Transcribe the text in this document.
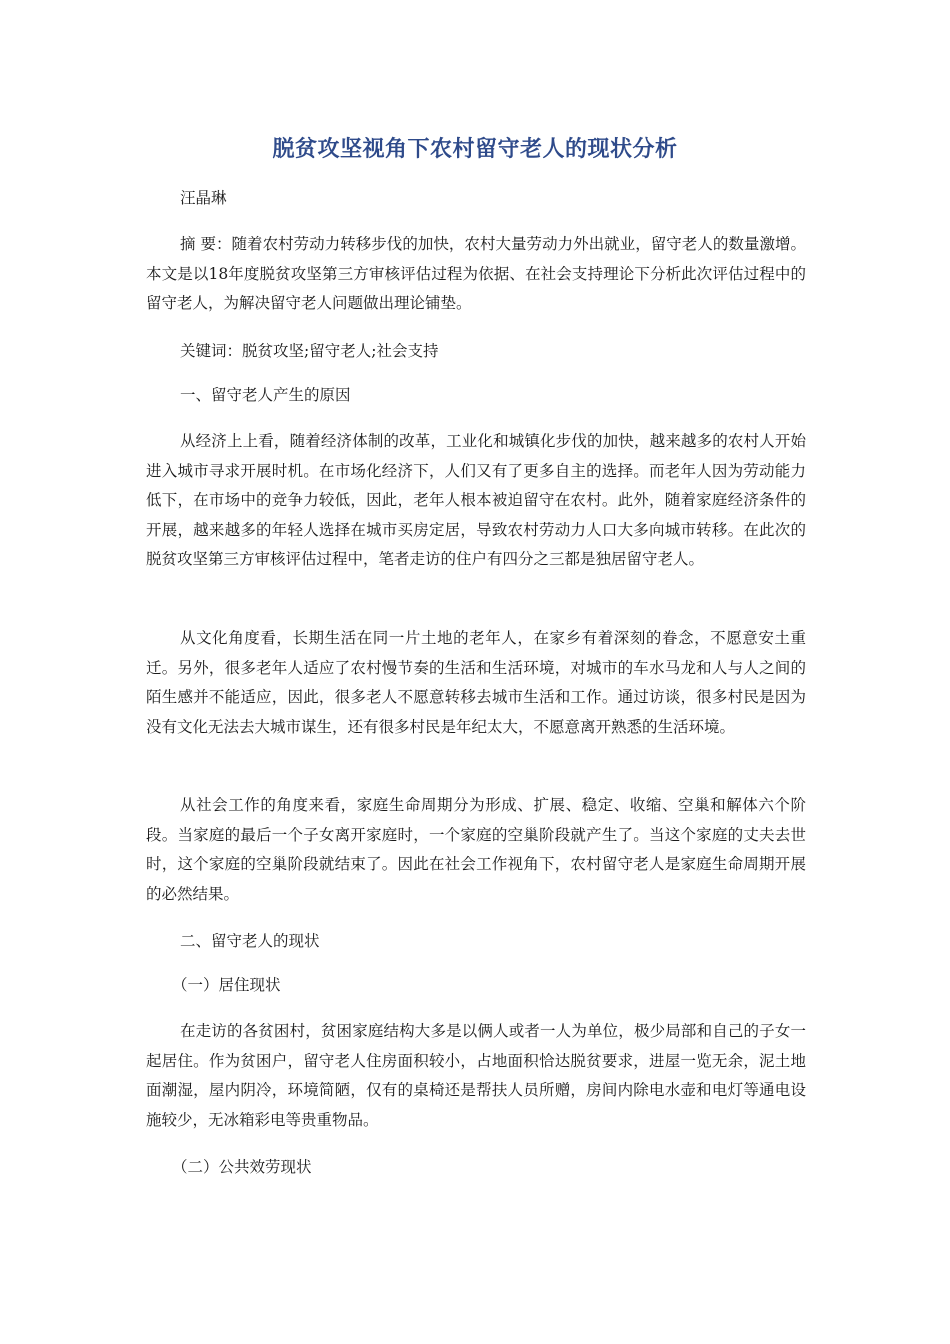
脱贫攻坚视角下农村留守老人的现状分析
汪晶琳

摘 要：随着农村劳动力转移步伐的加快，农村大量劳动力外出就业，留守老人的数量激增。本文是以18年度脱贫攻坚第三方审核评估过程为依据、在社会支持理论下分析此次评估过程中的留守老人，为解决留守老人问题做出理论铺垫。

关键词：脱贫攻坚;留守老人;社会支持

一、留守老人产生的原因

从经济上上看，随着经济体制的改革，工业化和城镇化步伐的加快，越来越多的农村人开始进入城市寻求开展时机。在市场化经济下，人们又有了更多自主的选择。而老年人因为劳动能力低下，在市场中的竞争力较低，因此，老年人根本被迫留守在农村。此外，随着家庭经济条件的开展，越来越多的年轻人选择在城市买房定居，导致农村劳动力人口大多向城市转移。在此次的脱贫攻坚第三方审核评估过程中，笔者走访的住户有四分之三都是独居留守老人。

从文化角度看，长期生活在同一片土地的老年人，在家乡有着深刻的眷念，不愿意安土重迁。另外，很多老年人适应了农村慢节奏的生活和生活环境，对城市的车水马龙和人与人之间的陌生感并不能适应，因此，很多老人不愿意转移去城市生活和工作。通过访谈，很多村民是因为没有文化无法去大城市谋生，还有很多村民是年纪太大，不愿意离开熟悉的生活环境。

从社会工作的角度来看，家庭生命周期分为形成、扩展、稳定、收缩、空巢和解体六个阶段。当家庭的最后一个子女离开家庭时，一个家庭的空巢阶段就产生了。当这个家庭的丈夫去世时，这个家庭的空巢阶段就结束了。因此在社会工作视角下，农村留守老人是家庭生命周期开展的必然结果。

二、留守老人的现状

（一）居住现状

在走访的各贫困村，贫困家庭结构大多是以俩人或者一人为单位，极少局部和自己的子女一起居住。作为贫困户，留守老人住房面积较小，占地面积恰达脱贫要求，进屋一览无余，泥土地面潮湿，屋内阴冷，环境简陋，仅有的桌椅还是帮扶人员所赠，房间内除电水壶和电灯等通电设施较少，无冰箱彩电等贵重物品。

（二）公共效劳现状
